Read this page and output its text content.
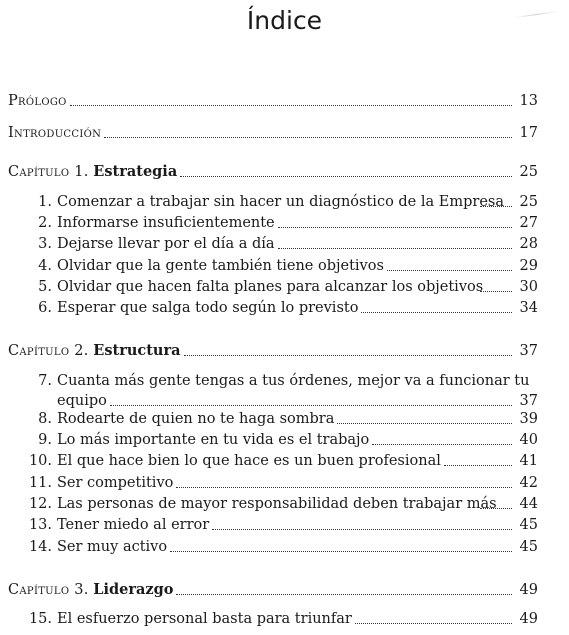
Índice
Prólogo	13
Introducción	17
Capítulo 1. Estrategia	25
1. Comenzar a trabajar sin hacer un diagnóstico de la Empresa 25
2. Informarse insuficientemente	27
3. Dejarse llevar por el día a día	28
4. Olvidar que la gente también tiene objetivos	29
5. Olvidar que hacen falta planes para alcanzar los objetivos	30
6. Esperar que salga todo según lo previsto	34
Capítulo 2. Estructura	37
7. Cuanta más gente tengas a tus órdenes, mejor va a funcionar tu
equipo	37
8. Rodearte de quien no te haga sombra	39
9. Lo más importante en tu vida es el trabajo	40
10. El que hace bien lo que hace es un buen profesional	41
11. Ser competitivo	42
12. Las personas de mayor responsabilidad deben trabajar más 44
13. Tener miedo al error	45
14. Ser muy activo	45
Capítulo 3. Liderazgo	49
15. El esfuerzo personal basta para triunfar	49
